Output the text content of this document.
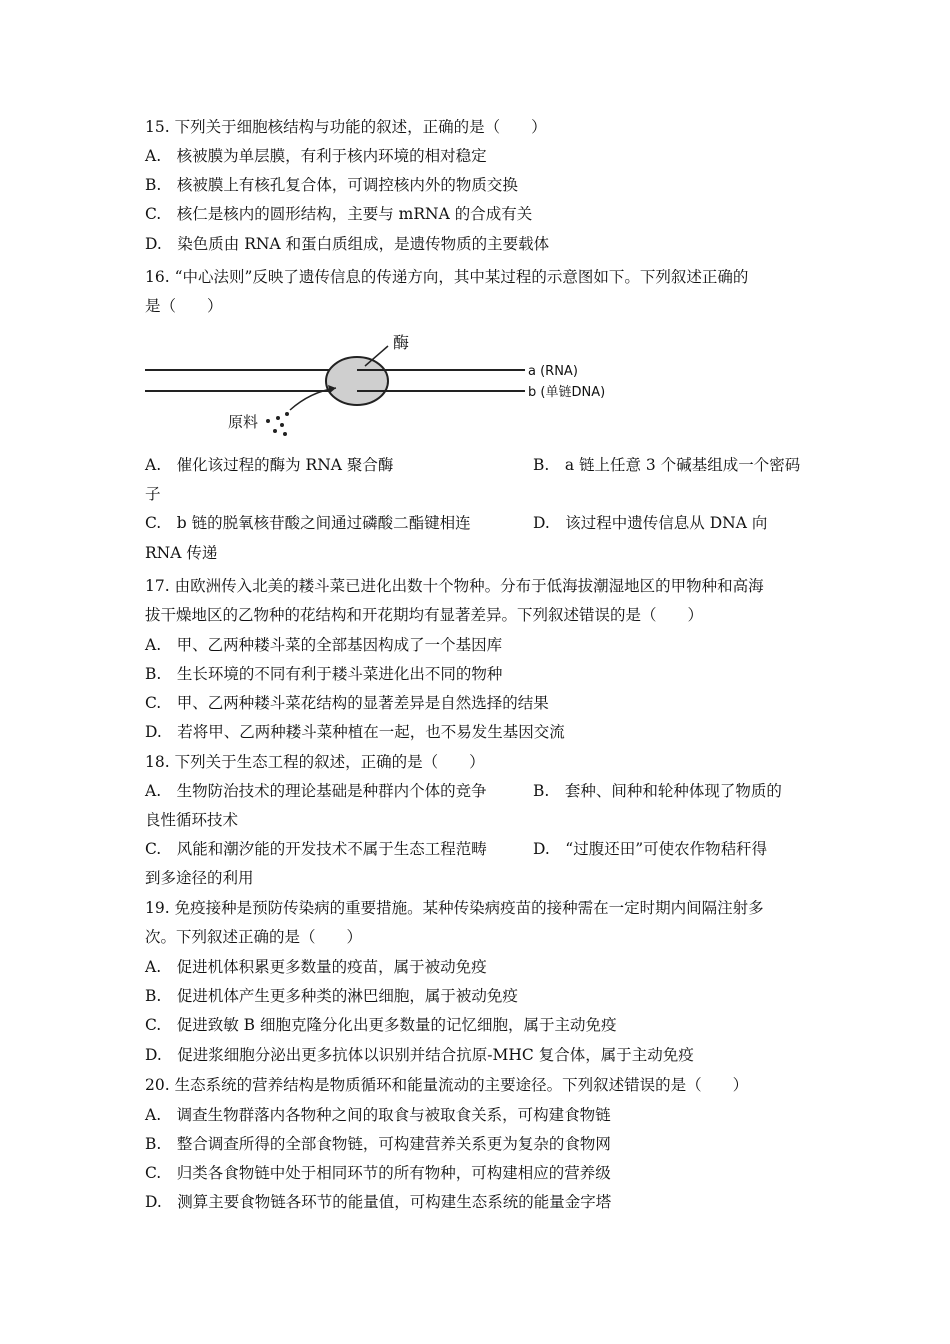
15. 下列关于细胞核结构与功能的叙述，正确的是（　　）
A.　核被膜为单层膜，有利于核内环境的相对稳定
B.　核被膜上有核孔复合体，可调控核内外的物质交换
C.　核仁是核内的圆形结构，主要与 mRNA 的合成有关
D.　染色质由 RNA 和蛋白质组成，是遗传物质的主要载体
16. “中心法则”反映了遗传信息的传递方向，其中某过程的示意图如下。下列叙述正确的
是（　　）
酶
a (RNA)
b (单链DNA)
原料
A.　催化该过程的酶为 RNA 聚合酶	B.　a 链上任意 3 个碱基组成一个密码
子
C.　b 链的脱氧核苷酸之间通过磷酸二酯键相连	D.　该过程中遗传信息从 DNA 向
RNA 传递
17. 由欧洲传入北美的耧斗菜已进化出数十个物种。分布于低海拔潮湿地区的甲物种和高海
拔干燥地区的乙物种的花结构和开花期均有显著差异。下列叙述错误的是（　　）
A.　甲、乙两种耧斗菜的全部基因构成了一个基因库
B.　生长环境的不同有利于耧斗菜进化出不同的物种
C.　甲、乙两种耧斗菜花结构的显著差异是自然选择的结果
D.　若将甲、乙两种耧斗菜种植在一起，也不易发生基因交流
18. 下列关于生态工程的叙述，正确的是（　　）
A.　生物防治技术的理论基础是种群内个体的竞争	B.　套种、间种和轮种体现了物质的
良性循环技术
C.　风能和潮汐能的开发技术不属于生态工程范畴	D.　“过腹还田”可使农作物秸秆得
到多途径的利用
19. 免疫接种是预防传染病的重要措施。某种传染病疫苗的接种需在一定时期内间隔注射多
次。下列叙述正确的是（　　）
A.　促进机体积累更多数量的疫苗，属于被动免疫
B.　促进机体产生更多种类的淋巴细胞，属于被动免疫
C.　促进致敏 B 细胞克隆分化出更多数量的记忆细胞，属于主动免疫
D.　促进浆细胞分泌出更多抗体以识别并结合抗原-MHC 复合体，属于主动免疫
20. 生态系统的营养结构是物质循环和能量流动的主要途径。下列叙述错误的是（　　）
A.　调查生物群落内各物种之间的取食与被取食关系，可构建食物链
B.　整合调查所得的全部食物链，可构建营养关系更为复杂的食物网
C.　归类各食物链中处于相同环节的所有物种，可构建相应的营养级
D.　测算主要食物链各环节的能量值，可构建生态系统的能量金字塔
